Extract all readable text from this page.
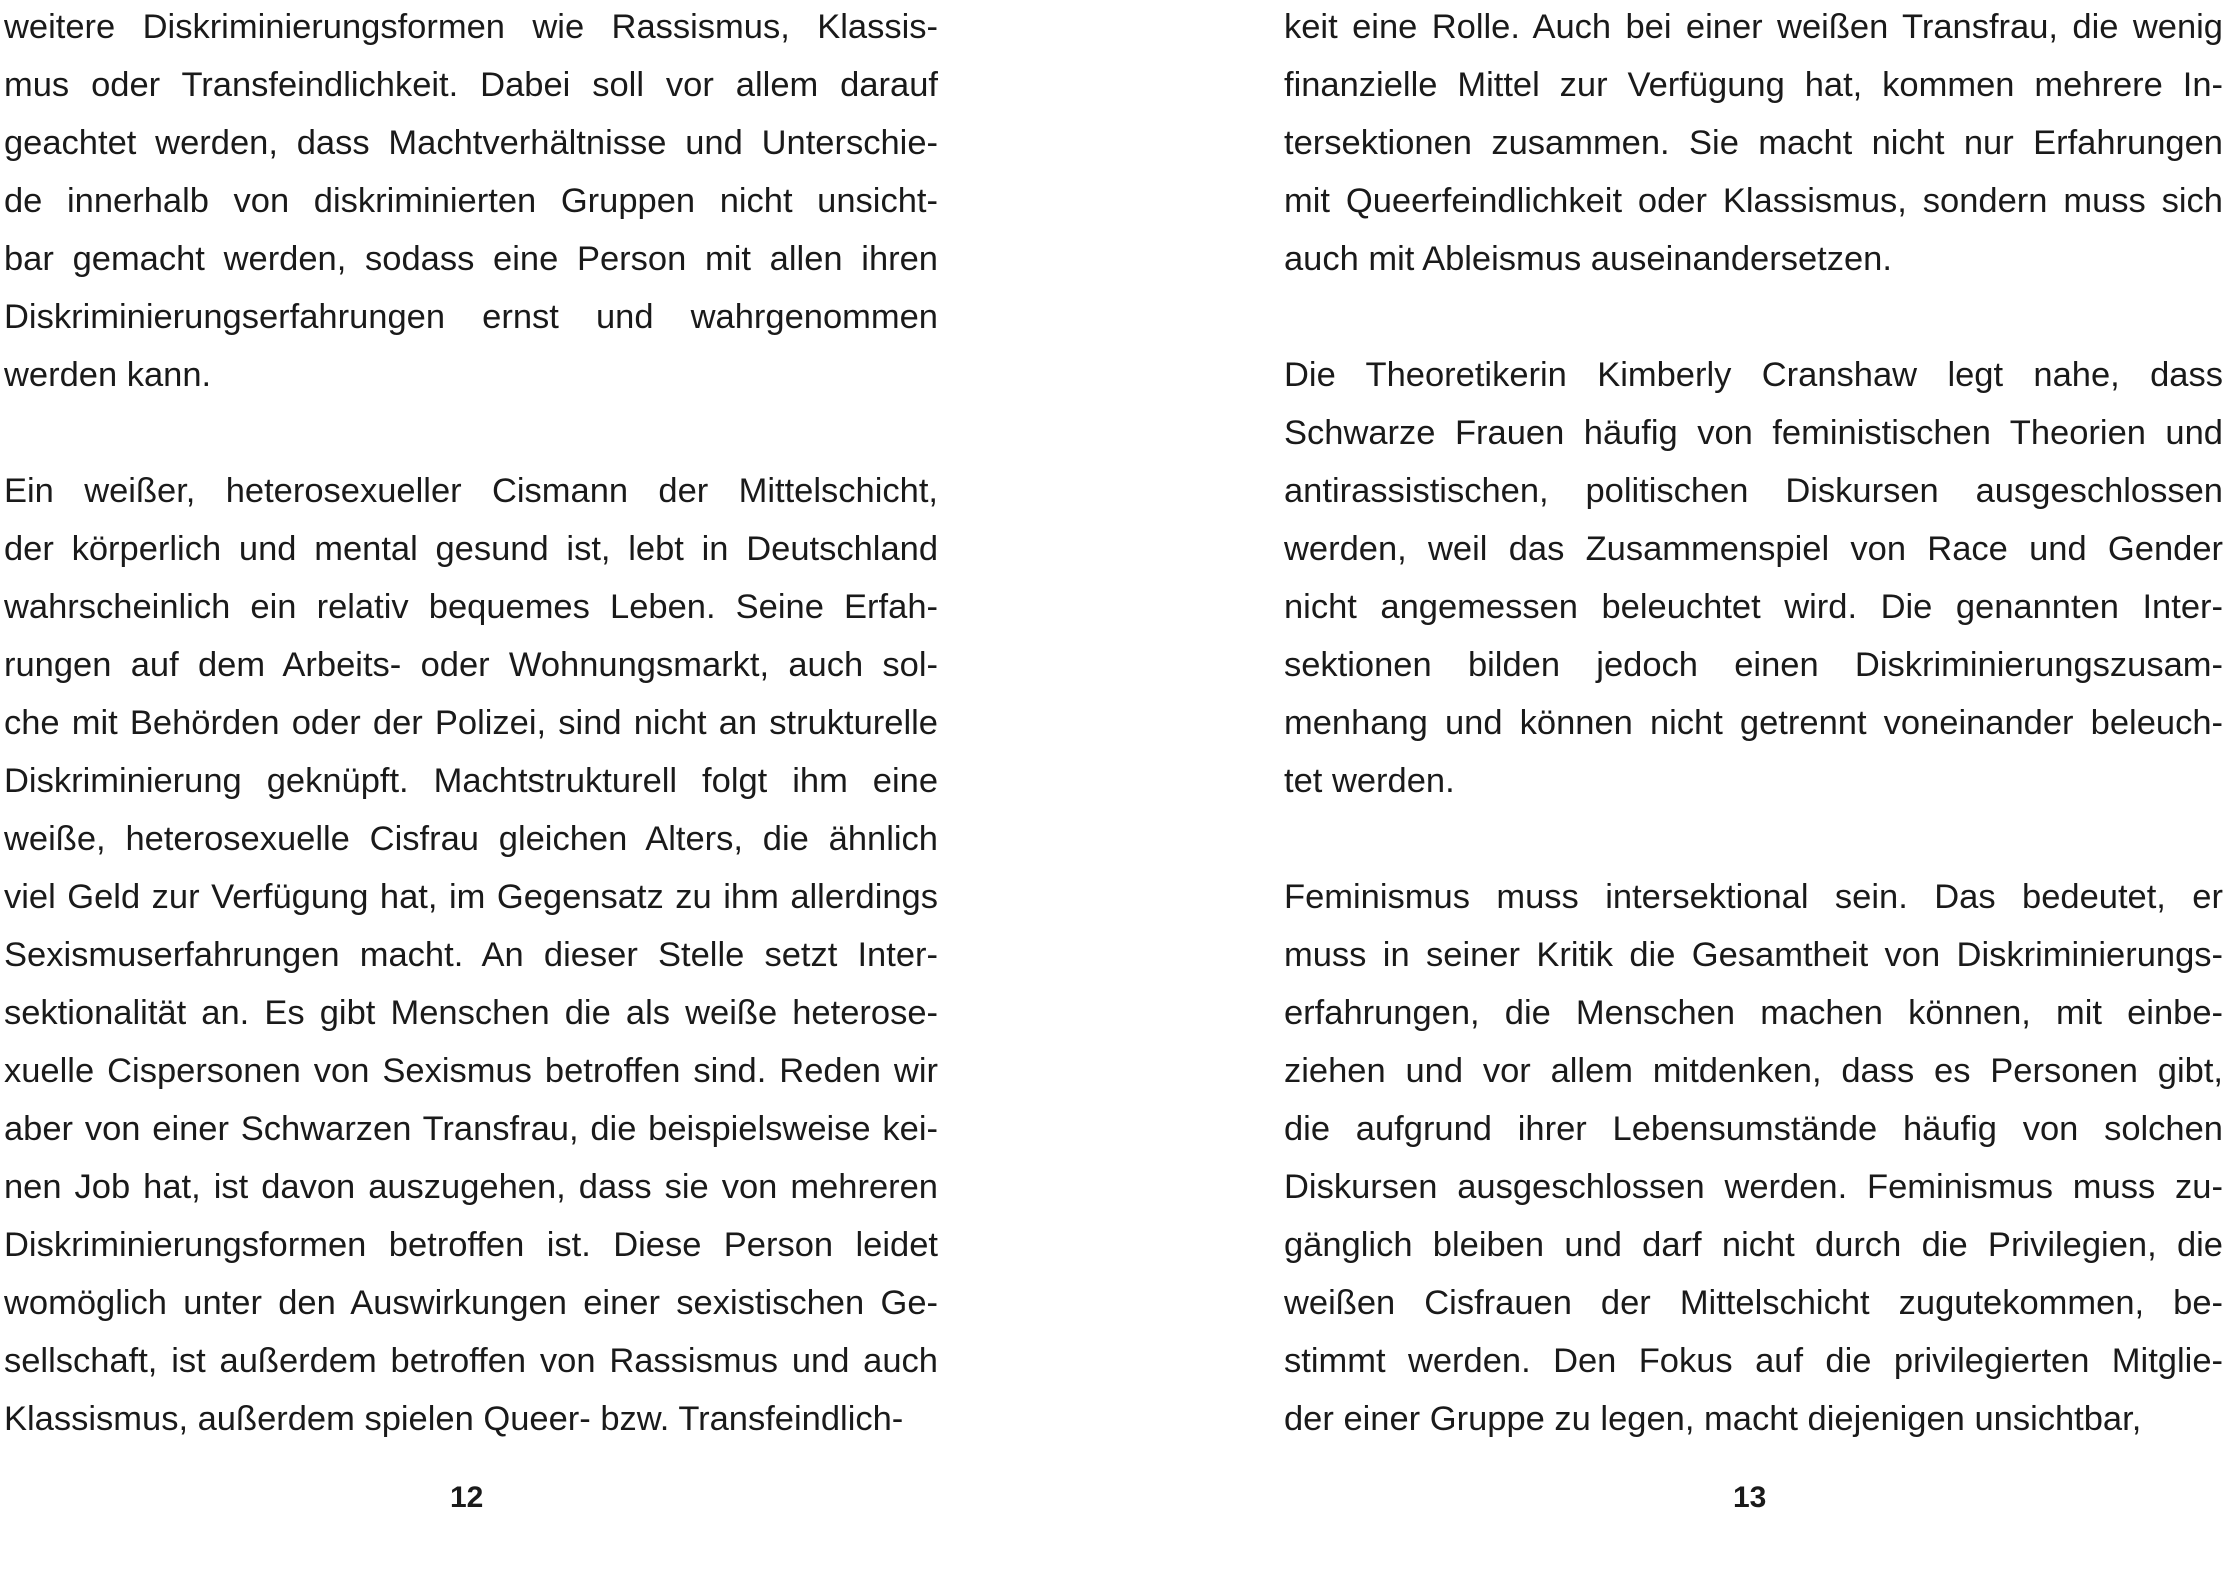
weitere Diskriminierungsformen wie Rassismus, Klassis-
mus oder Transfeindlichkeit. Dabei soll vor allem darauf
geachtet werden, dass Machtverhältnisse und Unterschie-
de innerhalb von diskriminierten Gruppen nicht unsicht-
bar gemacht werden, sodass eine Person mit allen ihren
Diskriminierungserfahrungen ernst und wahrgenommen
werden kann.

Ein weißer, heterosexueller Cismann der Mittelschicht,
der körperlich und mental gesund ist, lebt in Deutschland
wahrscheinlich ein relativ bequemes Leben. Seine Erfah-
rungen auf dem Arbeits- oder Wohnungsmarkt, auch sol-
che mit Behörden oder der Polizei, sind nicht an strukturelle
Diskriminierung geknüpft. Machtstrukturell folgt ihm eine
weiße, heterosexuelle Cisfrau gleichen Alters, die ähnlich
viel Geld zur Verfügung hat, im Gegensatz zu ihm allerdings
Sexismuserfahrungen macht. An dieser Stelle setzt Inter-
sektionalität an. Es gibt Menschen die als weiße heterose-
xuelle Cispersonen von Sexismus betroffen sind. Reden wir
aber von einer Schwarzen Transfrau, die beispielsweise kei-
nen Job hat, ist davon auszugehen, dass sie von mehreren
Diskriminierungsformen betroffen ist. Diese Person leidet
womöglich unter den Auswirkungen einer sexistischen Ge-
sellschaft, ist außerdem betroffen von Rassismus und auch
Klassismus, außerdem spielen Queer- bzw. Transfeindlich-

12

keit eine Rolle. Auch bei einer weißen Transfrau, die wenig
finanzielle Mittel zur Verfügung hat, kommen mehrere In-
tersektionen zusammen. Sie macht nicht nur Erfahrungen
mit Queerfeindlichkeit oder Klassismus, sondern muss sich
auch mit Ableismus auseinandersetzen.

Die Theoretikerin Kimberly Cranshaw legt nahe, dass
Schwarze Frauen häufig von feministischen Theorien und
antirassistischen, politischen Diskursen ausgeschlossen
werden, weil das Zusammenspiel von Race und Gender
nicht angemessen beleuchtet wird. Die genannten Inter-
sektionen bilden jedoch einen Diskriminierungszusam-
menhang und können nicht getrennt voneinander beleuch-
tet werden.

Feminismus muss intersektional sein. Das bedeutet, er
muss in seiner Kritik die Gesamtheit von Diskriminierungs-
erfahrungen, die Menschen machen können, mit einbe-
ziehen und vor allem mitdenken, dass es Personen gibt,
die aufgrund ihrer Lebensumstände häufig von solchen
Diskursen ausgeschlossen werden. Feminismus muss zu-
gänglich bleiben und darf nicht durch die Privilegien, die
weißen Cisfrauen der Mittelschicht zugutekommen, be-
stimmt werden. Den Fokus auf die privilegierten Mitglie-
der einer Gruppe zu legen, macht diejenigen unsichtbar,

13
